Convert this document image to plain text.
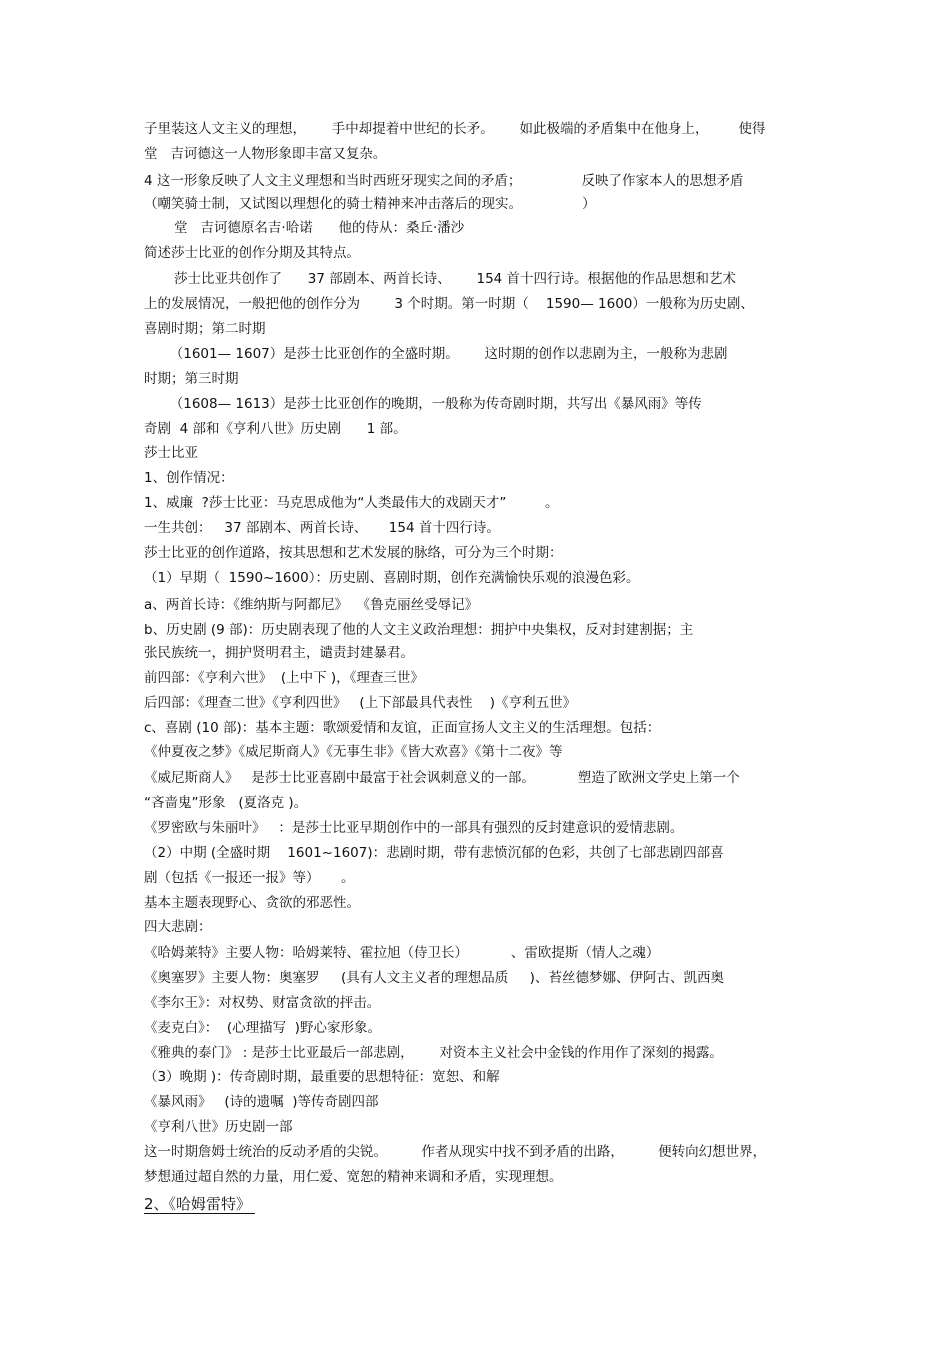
子里装这人文主义的理想，      手中却提着中世纪的长矛。      如此极端的矛盾集中在他身上，       使得
堂   吉诃德这一人物形象即丰富又复杂。
4 这一形象反映了人文主义理想和当时西班牙现实之间的矛盾；              反映了作家本人的思想矛盾
（嘲笑骑士制，又试图以理想化的骑士精神来冲击落后的现实。              ）
堂   吉诃德原名吉·哈诺      他的侍从：桑丘·潘沙
简述莎士比亚的创作分期及其特点。
莎士比亚共创作了      37 部剧本、两首长诗、      154 首十四行诗。根据他的作品思想和艺术
上的发展情况，一般把他的创作分为        3 个时期。第一时期（    1590— 1600）一般称为历史剧、
喜剧时期；第二时期
（1601— 1607）是莎士比亚创作的全盛时期。      这时期的创作以悲剧为主，一般称为悲剧
时期；第三时期
（1608— 1613）是莎士比亚创作的晚期，一般称为传奇剧时期，共写出《暴风雨》等传
奇剧  4 部和《亨利八世》历史剧      1 部。
莎士比亚
1、创作情况：
1、威廉  ?莎士比亚：马克思成他为“人类最伟大的戏剧天才”         。
一生共创：   37 部剧本、两首长诗、     154 首十四行诗。
莎士比亚的创作道路，按其思想和艺术发展的脉络，可分为三个时期：
（1）早期（  1590~1600）：历史剧、喜剧时期，创作充满愉快乐观的浪漫色彩。
a、两首长诗：《维纳斯与阿都尼》  《鲁克丽丝受辱记》
b、历史剧 (9 部)：历史剧表现了他的人文主义政治理想：拥护中央集权，反对封建割据；主
张民族统一，拥护贤明君主，谴责封建暴君。
前四部：《亨利六世》  (上中下 )，《理查三世》
后四部：《理查二世》《亨利四世》   (上下部最具代表性    )《亨利五世》
c、喜剧 (10 部)：基本主题：歌颂爱情和友谊，正面宣扬人文主义的生活理想。包括：
《仲夏夜之梦》《威尼斯商人》《无事生非》《皆大欢喜》《第十二夜》等
《威尼斯商人》   是莎士比亚喜剧中最富于社会讽刺意义的一部。          塑造了欧洲文学史上第一个
“吝啬鬼”形象   (夏洛克 )。
《罗密欧与朱丽叶》   ：是莎士比亚早期创作中的一部具有强烈的反封建意识的爱情悲剧。
（2）中期 (全盛时期    1601~1607)：悲剧时期，带有悲愤沉郁的色彩，共创了七部悲剧四部喜
剧（包括《一报还一报》等）     。
基本主题表现野心、贪欲的邪恶性。
四大悲剧：
《哈姆莱特》主要人物：哈姆莱特、霍拉旭（侍卫长）          、雷欧提斯（情人之魂）
《奥塞罗》主要人物：奥塞罗     (具有人文主义者的理想品质     )、苔丝德梦娜、伊阿古、凯西奥
《李尔王》：对权势、财富贪欲的抨击。
《麦克白》：  (心理描写  )野心家形象。
《雅典的泰门》 : 是莎士比亚最后一部悲剧，      对资本主义社会中金钱的作用作了深刻的揭露。
（3）晚期 )：传奇剧时期，最重要的思想特征：宽恕、和解
《暴风雨》   (诗的遗嘱  )等传奇剧四部
《亨利八世》历史剧一部
这一时期詹姆士统治的反动矛盾的尖锐。        作者从现实中找不到矛盾的出路，        便转向幻想世界，
梦想通过超自然的力量，用仁爱、宽恕的精神来调和矛盾，实现理想。
2、《哈姆雷特》
